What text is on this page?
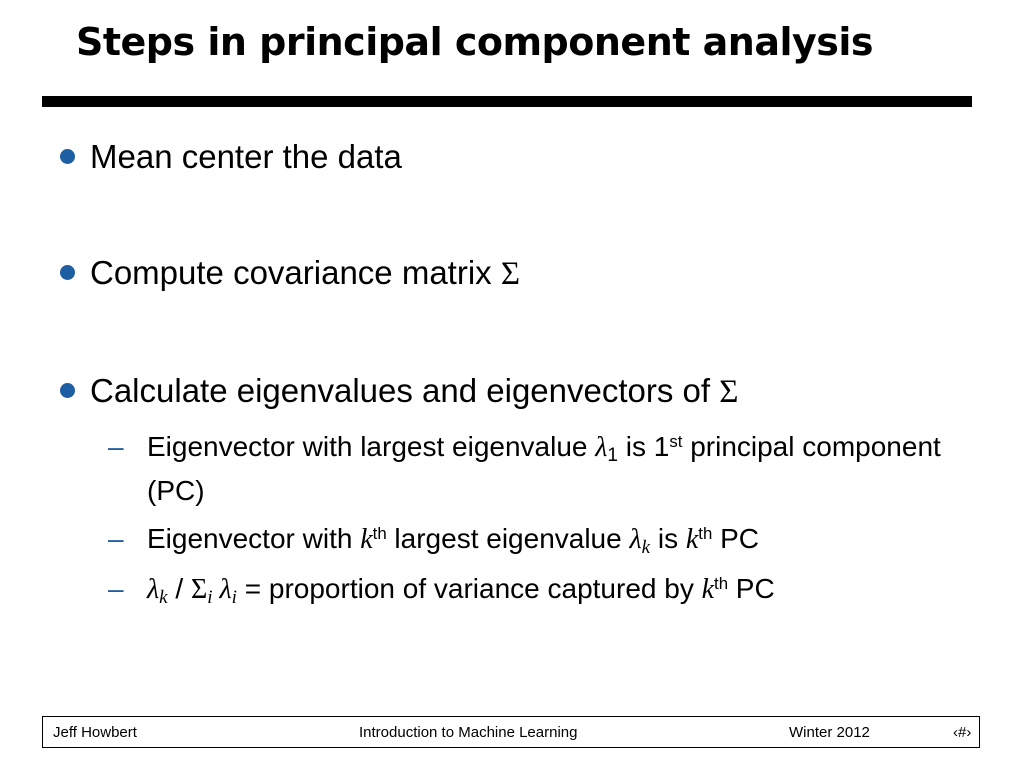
Steps in principal component analysis
Mean center the data
Compute covariance matrix Σ
Calculate eigenvalues and eigenvectors of Σ
– Eigenvector with largest eigenvalue $\lambda_1$ is 1st principal component (PC)
– Eigenvector with $k^{th}$ largest eigenvalue $\lambda_k$ is $k^{th}$ PC
– $\lambda_k / \Sigma_i$ $\lambda_i$ = proportion of variance captured by $k^{th}$ PC
Jeff Howbert	Introduction to Machine Learning	Winter 2012	‹#›
